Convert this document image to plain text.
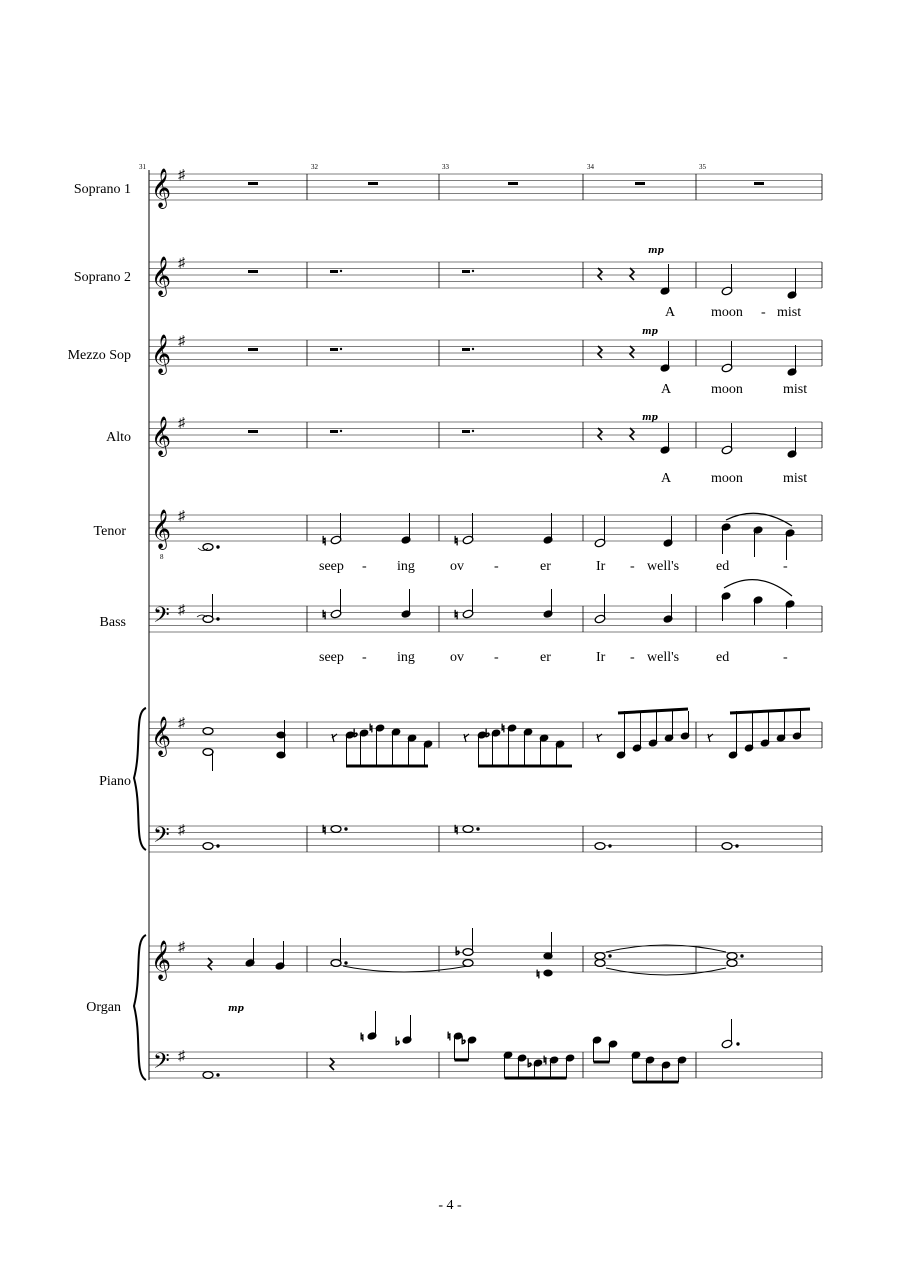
31	32	33	34	35
Soprano 1
Soprano 2
Mezzo Sop
Alto
Tenor
Bass
Piano
Organ
𝄞 ♯
𝄞 ♯
𝄞 ♯
𝄞 ♯
𝄞 ♯
8
𝄢 ♯
𝄞 ♯
𝄢 ♯
𝄞 ♯
𝄢 ♯
mp
mp
mp
mp
A	moon - mist
A	moon	mist
A	moon	mist
seep - ing	ov -	er	Ir - well's	ed	-
seep - ing	ov -	er	Ir - well's	ed	-
♮	♮
♮	♮
♭ ♮	♭ ♮
♮	♮
♭
♮
♮	♭	♮ ♭
♭ ♮
- 4 -
